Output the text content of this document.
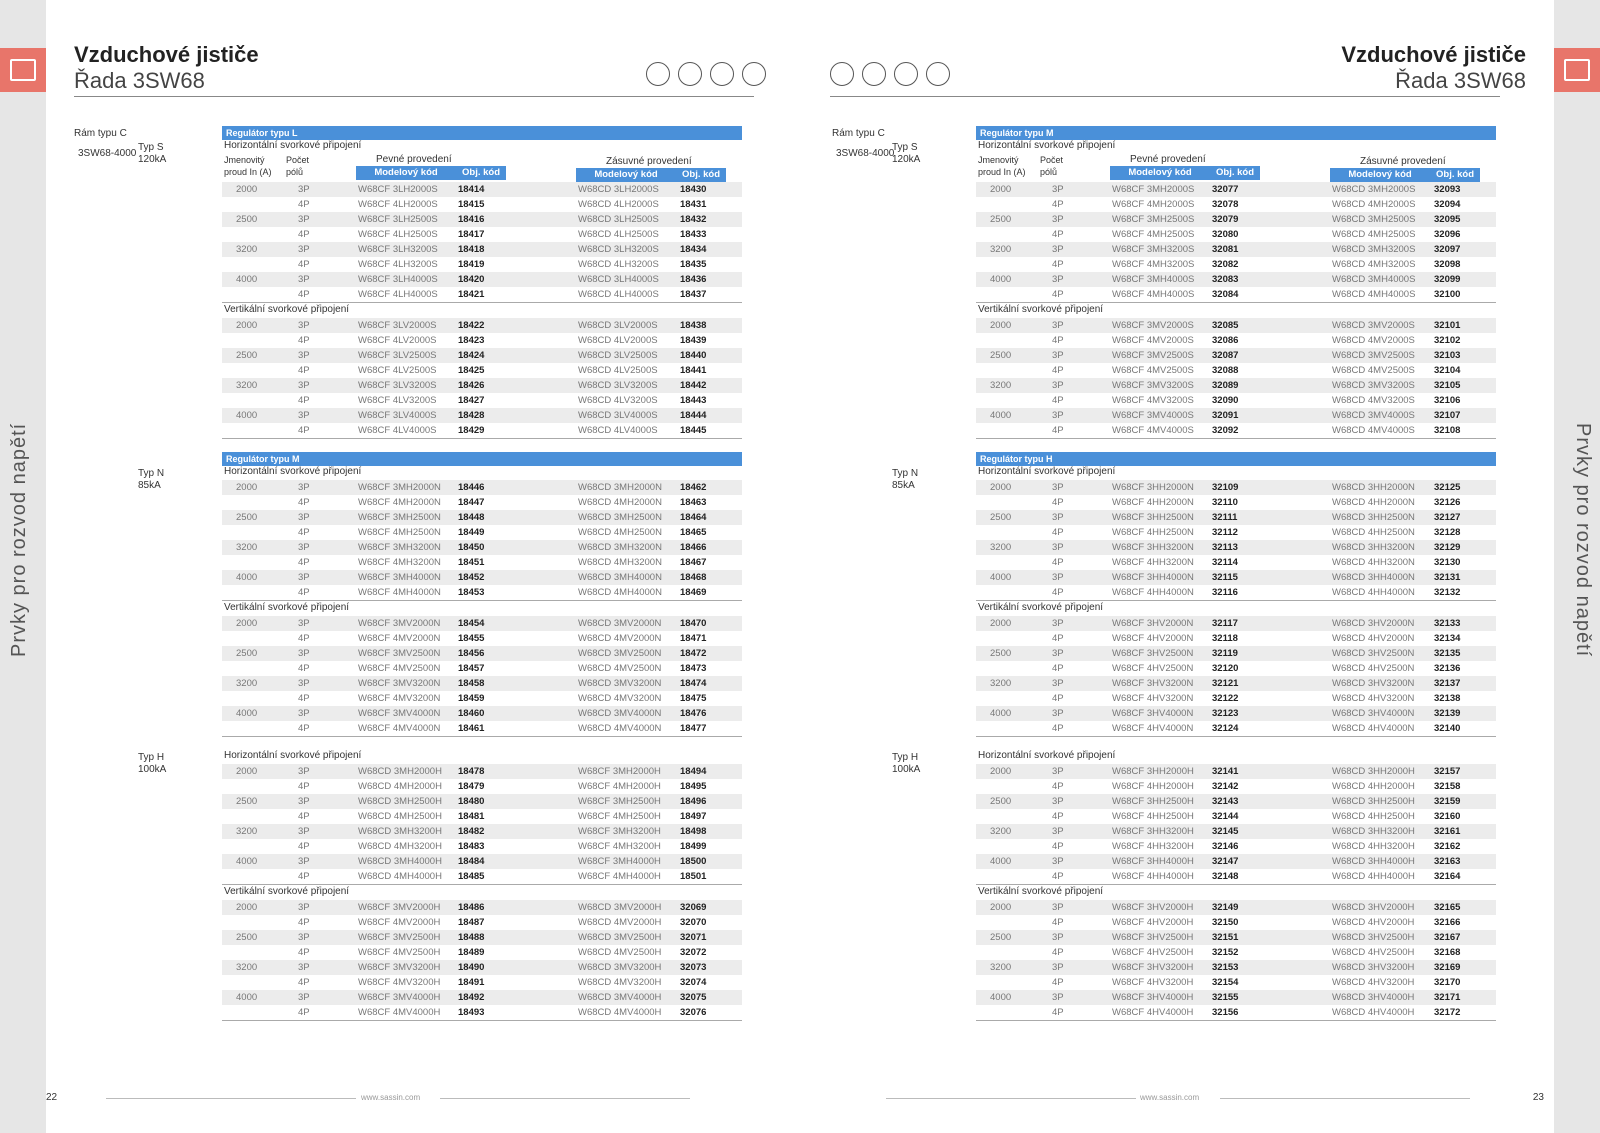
Prvky pro rozvod napětí	Prvky pro rozvod napětí
Vzduchové jističe
Řada 3SW68
Rám typu C
3SW68-4000
Regulátor typu L
Typ S
120kA
Horizontální svorkové připojení
Jmenovitý proud In (A)
Počet pólů
Pevné provedení	Zásuvné provedení
Modelový kód	Obj. kód	Modelový kód	Obj. kód
2000	3P	W68CF 3LH2000S 18414	W68CD 3LH2000S 18430
4P	W68CF 4LH2000S 18415	W68CD 4LH2000S 18431
2500	3P	W68CF 3LH2500S 18416	W68CD 3LH2500S 18432
4P	W68CF 4LH2500S 18417	W68CD 4LH2500S 18433
3200	3P	W68CF 3LH3200S 18418	W68CD 3LH3200S 18434
4P	W68CF 4LH3200S 18419	W68CD 4LH3200S 18435
4000	3P	W68CF 3LH4000S 18420	W68CD 3LH4000S 18436
4P	W68CF 4LH4000S 18421	W68CD 4LH4000S 18437
Vertikální svorkové připojení
2000	3P	W68CF 3LV2000S 18422	W68CD 3LV2000S 18438
4P	W68CF 4LV2000S 18423	W68CD 4LV2000S 18439
2500	3P	W68CF 3LV2500S 18424	W68CD 3LV2500S 18440
4P	W68CF 4LV2500S 18425	W68CD 4LV2500S 18441
3200	3P	W68CF 3LV3200S 18426	W68CD 3LV3200S 18442
4P	W68CF 4LV3200S 18427	W68CD 4LV3200S 18443
4000	3P	W68CF 3LV4000S 18428	W68CD 3LV4000S 18444
4P	W68CF 4LV4000S 18429	W68CD 4LV4000S 18445
Regulátor typu M
Typ N
85kA
Horizontální svorkové připojení
2000	3P	W68CF 3MH2000N 18446	W68CD 3MH2000N 18462
4P	W68CF 4MH2000N 18447	W68CD 4MH2000N 18463
2500	3P	W68CF 3MH2500N 18448	W68CD 3MH2500N 18464
4P	W68CF 4MH2500N 18449	W68CD 4MH2500N 18465
3200	3P	W68CF 3MH3200N 18450	W68CD 3MH3200N 18466
4P	W68CF 4MH3200N 18451	W68CD 4MH3200N 18467
4000	3P	W68CF 3MH4000N 18452	W68CD 3MH4000N 18468
4P	W68CF 4MH4000N 18453	W68CD 4MH4000N 18469
Vertikální svorkové připojení
2000	3P	W68CF 3MV2000N 18454	W68CD 3MV2000N 18470
4P	W68CF 4MV2000N 18455	W68CD 4MV2000N 18471
2500	3P	W68CF 3MV2500N 18456	W68CD 3MV2500N 18472
4P	W68CF 4MV2500N 18457	W68CD 4MV2500N 18473
3200	3P	W68CF 3MV3200N 18458	W68CD 3MV3200N 18474
4P	W68CF 4MV3200N 18459	W68CD 4MV3200N 18475
4000	3P	W68CF 3MV4000N 18460	W68CD 3MV4000N 18476
4P	W68CF 4MV4000N 18461	W68CD 4MV4000N 18477
Typ H
100kA
Horizontální svorkové připojení
2000	3P	W68CD 3MH2000H 18478	W68CF 3MH2000H 18494
4P	W68CD 4MH2000H 18479	W68CF 4MH2000H 18495
2500	3P	W68CD 3MH2500H 18480	W68CF 3MH2500H 18496
4P	W68CD 4MH2500H 18481	W68CF 4MH2500H 18497
3200	3P	W68CD 3MH3200H 18482	W68CF 3MH3200H 18498
4P	W68CD 4MH3200H 18483	W68CF 4MH3200H 18499
4000	3P	W68CD 3MH4000H 18484	W68CF 3MH4000H 18500
4P	W68CD 4MH4000H 18485	W68CF 4MH4000H 18501
Vertikální svorkové připojení
2000	3P	W68CF 3MV2000H 18486	W68CD 3MV2000H 32069
4P	W68CF 4MV2000H 18487	W68CD 4MV2000H 32070
2500	3P	W68CF 3MV2500H 18488	W68CD 3MV2500H 32071
4P	W68CF 4MV2500H 18489	W68CD 4MV2500H 32072
3200	3P	W68CF 3MV3200H 18490	W68CD 3MV3200H 32073
4P	W68CF 4MV3200H 18491	W68CD 4MV3200H 32074
4000	3P	W68CF 3MV4000H 18492	W68CD 3MV4000H 32075
4P	W68CF 4MV4000H 18493	W68CD 4MV4000H 32076
22	www.sassin.com
Vzduchové jističe
Řada 3SW68
Rám typu C
3SW68-4000
Regulátor typu M
Typ S
120kA
Horizontální svorkové připojení
Jmenovitý proud In (A)
Počet pólů
Pevné provedení	Zásuvné provedení
Modelový kód	Obj. kód	Modelový kód	Obj. kód
2000	3P	W68CF 3MH2000S 32077	W68CD 3MH2000S 32093
4P	W68CF 4MH2000S 32078	W68CD 4MH2000S 32094
2500	3P	W68CF 3MH2500S 32079	W68CD 3MH2500S 32095
4P	W68CF 4MH2500S 32080	W68CD 4MH2500S 32096
3200	3P	W68CF 3MH3200S 32081	W68CD 3MH3200S 32097
4P	W68CF 4MH3200S 32082	W68CD 4MH3200S 32098
4000	3P	W68CF 3MH4000S 32083	W68CD 3MH4000S 32099
4P	W68CF 4MH4000S 32084	W68CD 4MH4000S 32100
Vertikální svorkové připojení
2000	3P	W68CF 3MV2000S 32085	W68CD 3MV2000S 32101
4P	W68CF 4MV2000S 32086	W68CD 4MV2000S 32102
2500	3P	W68CF 3MV2500S 32087	W68CD 3MV2500S 32103
4P	W68CF 4MV2500S 32088	W68CD 4MV2500S 32104
3200	3P	W68CF 3MV3200S 32089	W68CD 3MV3200S 32105
4P	W68CF 4MV3200S 32090	W68CD 4MV3200S 32106
4000	3P	W68CF 3MV4000S 32091	W68CD 3MV4000S 32107
4P	W68CF 4MV4000S 32092	W68CD 4MV4000S 32108
Regulátor typu H
Typ N
85kA
Horizontální svorkové připojení
2000	3P	W68CF 3HH2000N 32109	W68CD 3HH2000N 32125
4P	W68CF 4HH2000N 32110	W68CD 4HH2000N 32126
2500	3P	W68CF 3HH2500N 32111	W68CD 3HH2500N 32127
4P	W68CF 4HH2500N 32112	W68CD 4HH2500N 32128
3200	3P	W68CF 3HH3200N 32113	W68CD 3HH3200N 32129
4P	W68CF 4HH3200N 32114	W68CD 4HH3200N 32130
4000	3P	W68CF 3HH4000N 32115	W68CD 3HH4000N 32131
4P	W68CF 4HH4000N 32116	W68CD 4HH4000N 32132
Vertikální svorkové připojení
2000	3P	W68CF 3HV2000N 32117	W68CD 3HV2000N 32133
4P	W68CF 4HV2000N 32118	W68CD 4HV2000N 32134
2500	3P	W68CF 3HV2500N 32119	W68CD 3HV2500N 32135
4P	W68CF 4HV2500N 32120	W68CD 4HV2500N 32136
3200	3P	W68CF 3HV3200N 32121	W68CD 3HV3200N 32137
4P	W68CF 4HV3200N 32122	W68CD 4HV3200N 32138
4000	3P	W68CF 3HV4000N 32123	W68CD 3HV4000N 32139
4P	W68CF 4HV4000N 32124	W68CD 4HV4000N 32140
Typ H
100kA
Horizontální svorkové připojení
2000	3P	W68CF 3HH2000H 32141	W68CD 3HH2000H 32157
4P	W68CF 4HH2000H 32142	W68CD 4HH2000H 32158
2500	3P	W68CF 3HH2500H 32143	W68CD 3HH2500H 32159
4P	W68CF 4HH2500H 32144	W68CD 4HH2500H 32160
3200	3P	W68CF 3HH3200H 32145	W68CD 3HH3200H 32161
4P	W68CF 4HH3200H 32146	W68CD 4HH3200H 32162
4000	3P	W68CF 3HH4000H 32147	W68CD 3HH4000H 32163
4P	W68CF 4HH4000H 32148	W68CD 4HH4000H 32164
Vertikální svorkové připojení
2000	3P	W68CF 3HV2000H 32149	W68CD 3HV2000H 32165
4P	W68CF 4HV2000H 32150	W68CD 4HV2000H 32166
2500	3P	W68CF 3HV2500H 32151	W68CD 3HV2500H 32167
4P	W68CF 4HV2500H 32152	W68CD 4HV2500H 32168
3200	3P	W68CF 3HV3200H 32153	W68CD 3HV3200H 32169
4P	W68CF 4HV3200H 32154	W68CD 4HV3200H 32170
4000	3P	W68CF 3HV4000H 32155	W68CD 3HV4000H 32171
4P	W68CF 4HV4000H 32156	W68CD 4HV4000H 32172
23
www.sassin.com
